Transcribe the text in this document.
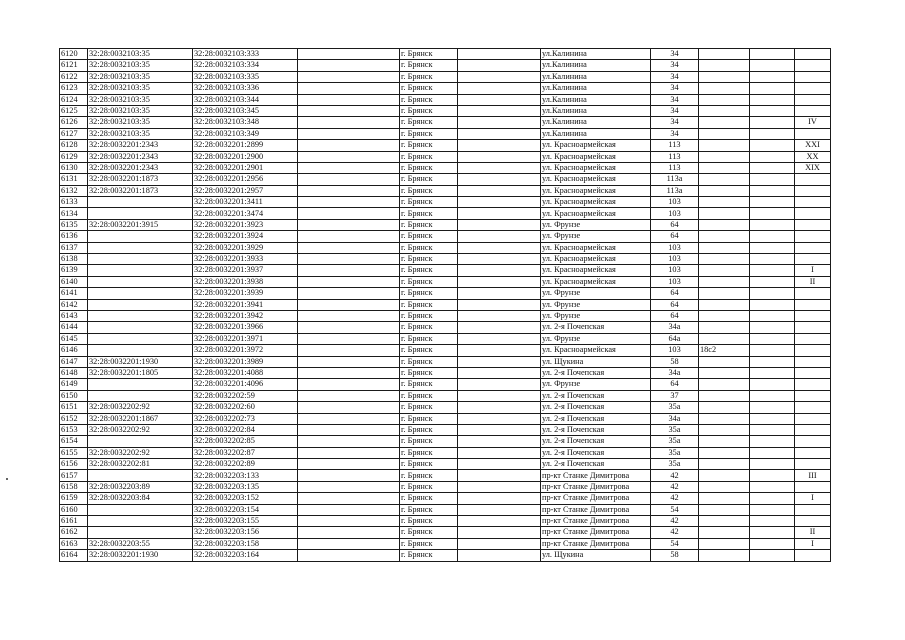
6120	32:28:0032103:35	32:28:0032103:333		г. Брянск		ул.Калинина	34			
6121	32:28:0032103:35	32:28:0032103:334		г. Брянск		ул.Калинина	34			
6122	32:28:0032103:35	32:28:0032103:335		г. Брянск		ул.Калинина	34			
6123	32:28:0032103:35	32:28:0032103:336		г. Брянск		ул.Калинина	34			
6124	32:28:0032103:35	32:28:0032103:344		г. Брянск		ул.Калинина	34			
6125	32:28:0032103:35	32:28:0032103:345		г. Брянск		ул.Калинина	34			
6126	32:28:0032103:35	32:28:0032103:348		г. Брянск		ул.Калинина	34			IV
6127	32:28:0032103:35	32:28:0032103:349		г. Брянск		ул.Калинина	34			
6128	32:28:0032201:2343	32:28:0032201:2899		г. Брянск		ул. Красноармейская	113			XXI
6129	32:28:0032201:2343	32:28:0032201:2900		г. Брянск		ул. Красноармейская	113			XX
6130	32:28:0032201:2343	32:28:0032201:2901		г. Брянск		ул. Красноармейская	113			XIX
6131	32:28:0032201:1873	32:28:0032201:2956		г. Брянск		ул. Красноармейская	113а			
6132	32:28:0032201:1873	32:28:0032201:2957		г. Брянск		ул. Красноармейская	113а			
6133		32:28:0032201:3411		г. Брянск		ул. Красноармейская	103			
6134		32:28:0032201:3474		г. Брянск		ул. Красноармейская	103			
6135	32:28:0032201:3915	32:28:0032201:3923		г. Брянск		ул. Фрунзе	64			
6136		32:28:0032201:3924		г. Брянск		ул. Фрунзе	64			
6137		32:28:0032201:3929		г. Брянск		ул. Красноармейская	103			
6138		32:28:0032201:3933		г. Брянск		ул. Красноармейская	103			
6139		32:28:0032201:3937		г. Брянск		ул. Красноармейская	103			I
6140		32:28:0032201:3938		г. Брянск		ул. Красноармейская	103			II
6141		32:28:0032201:3939		г. Брянск		ул. Фрунзе	64			
6142		32:28:0032201:3941		г. Брянск		ул. Фрунзе	64			
6143		32:28:0032201:3942		г. Брянск		ул. Фрунзе	64			
6144		32:28:0032201:3966		г. Брянск		ул. 2-я Почепская	34а			
6145		32:28:0032201:3971		г. Брянск		ул. Фрунзе	64а			
6146		32:28:0032201:3972		г. Брянск		ул. Красноармейская	103	18с2		
6147	32:28:0032201:1930	32:28:0032201:3989		г. Брянск		ул. Щукина	58			
6148	32:28:0032201:1805	32:28:0032201:4088		г. Брянск		ул. 2-я Почепская	34а			
6149		32:28:0032201:4096		г. Брянск		ул. Фрунзе	64			
6150		32:28:0032202:59		г. Брянск		ул. 2-я Почепская	37			
6151	32:28:0032202:92	32:28:0032202:60		г. Брянск		ул. 2-я Почепская	35а			
6152	32:28:0032201:1867	32:28:0032202:73		г. Брянск		ул. 2-я Почепская	34а			
6153	32:28:0032202:92	32:28:0032202:84		г. Брянск		ул. 2-я Почепская	35а			
6154		32:28:0032202:85		г. Брянск		ул. 2-я Почепская	35а			
6155	32:28:0032202:92	32:28:0032202:87		г. Брянск		ул. 2-я Почепская	35а			
6156	32:28:0032202:81	32:28:0032202:89		г. Брянск		ул. 2-я Почепская	35а			
6157		32:28:0032203:133		г. Брянск		пр-кт Станке Димитрова	42			III
6158	32:28:0032203:89	32:28:0032203:135		г. Брянск		пр-кт Станке Димитрова	42			
6159	32:28:0032203:84	32:28:0032203:152		г. Брянск		пр-кт Станке Димитрова	42			I
6160		32:28:0032203:154		г. Брянск		пр-кт Станке Димитрова	54			
6161		32:28:0032203:155		г. Брянск		пр-кт Станке Димитрова	42			
6162		32:28:0032203:156		г. Брянск		пр-кт Станке Димитрова	42			II
6163	32:28:0032203:55	32:28:0032203:158		г. Брянск		пр-кт Станке Димитрова	54			I
6164	32:28:0032201:1930	32:28:0032203:164		г. Брянск		ул. Щукина	58			
